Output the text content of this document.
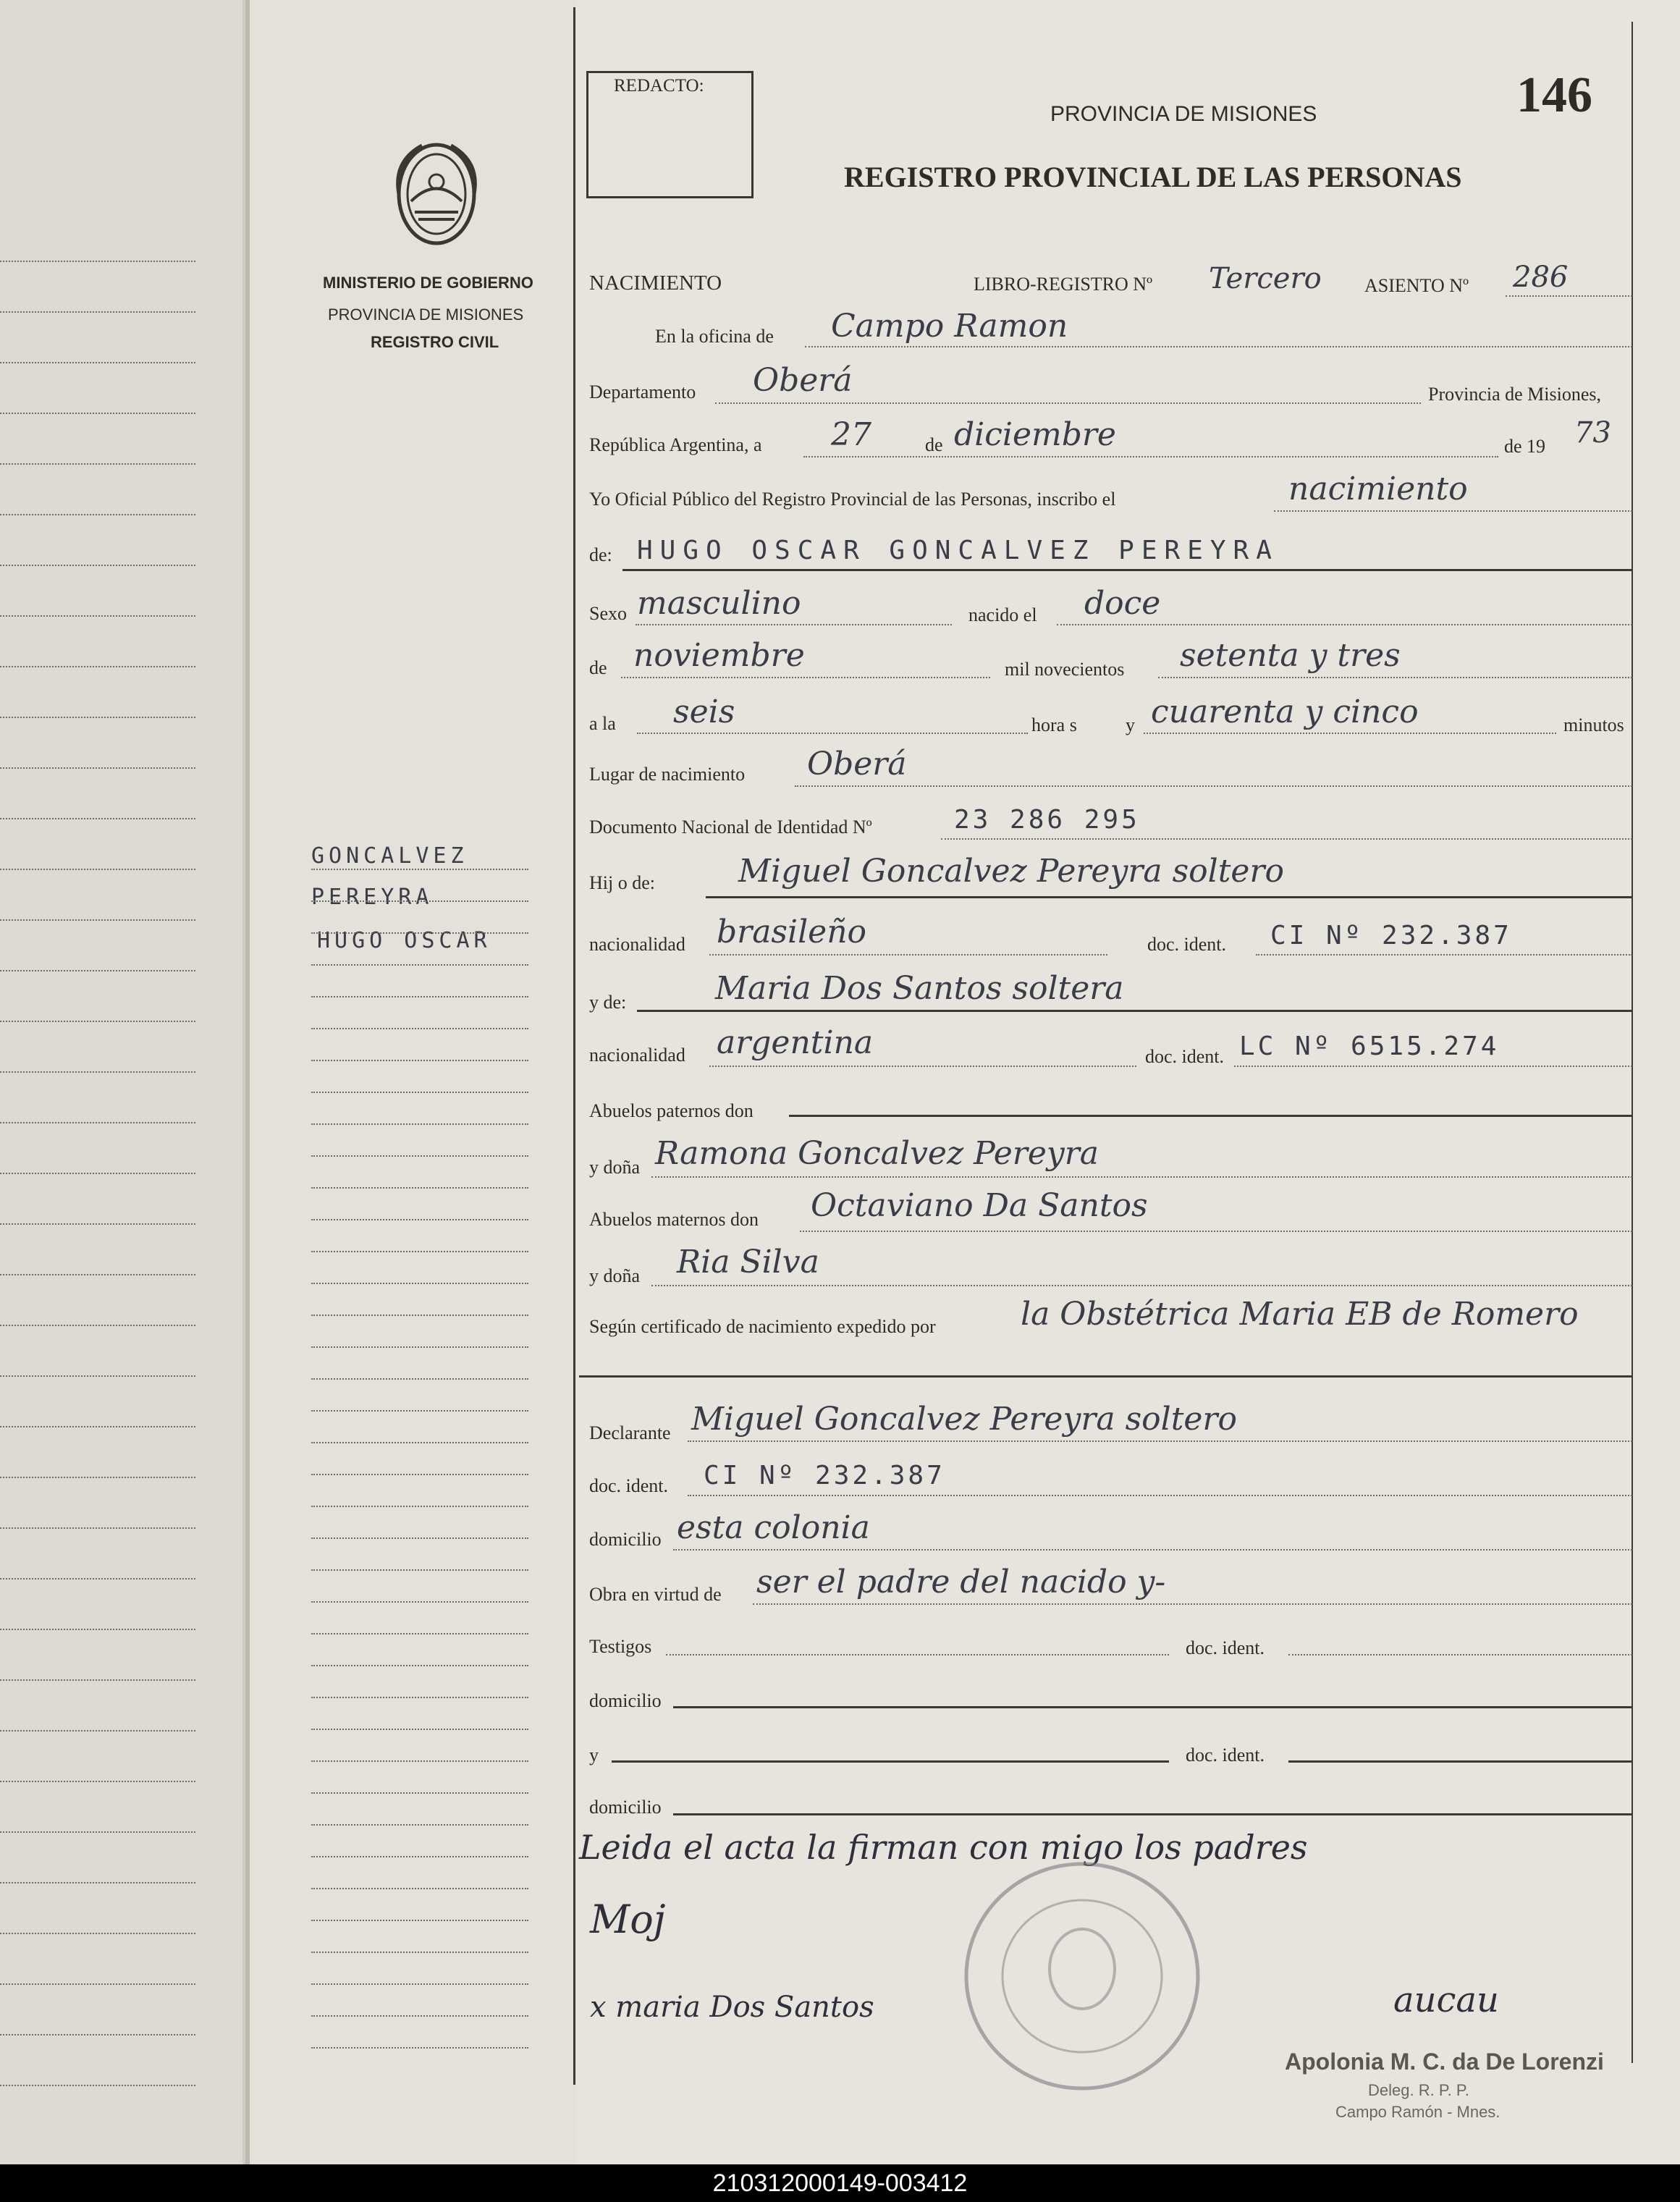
MINISTERIO DE GOBIERNO
PROVINCIA DE MISIONES
REGISTRO CIVIL
GONCALVEZ
PEREYRA
HUGO OSCAR
REDACTO:
PROVINCIA DE MISIONES	146
REGISTRO PROVINCIAL DE LAS PERSONAS
NACIMIENTO	LIBRO-REGISTRO Nº Tercero ASIENTO Nº 286
En la oficina de Campo Ramon
Departamento Oberá	Provincia de Misiones,
República Argentina, a 27	de diciembre	de 19 73
Yo Oficial Público del Registro Provincial de las Personas, inscribo el	nacimiento
de: HUGO OSCAR GONCALVEZ PEREYRA
Sexo masculino	nacido el doce
de noviembre	mil novecientos setenta y tres
a la seis	hora s	y cuarenta y cinco	minutos
Lugar de nacimiento Oberá
Documento Nacional de Identidad Nº	23 286 295
Hij o de:	Miguel Goncalvez Pereyra soltero
nacionalidad brasileño	doc. ident. CI Nº 232.387
y de:	Maria Dos Santos soltera
nacionalidad argentina	doc. ident. LC Nº 6515.274
Abuelos paternos don
y doña Ramona Goncalvez Pereyra
Abuelos maternos don Octaviano Da Santos
y doña Ria Silva
Según certificado de nacimiento expedido por	la Obstétrica Maria EB de Romero
Declarante Miguel Goncalvez Pereyra soltero
doc. ident. CI Nº 232.387
domicilio esta colonia
Obra en virtud de ser el padre del nacido y-
Testigos	doc. ident.
domicilio
y	doc. ident.
domicilio
Leida el acta la firman con migo los padres
Moj
x maria Dos Santos	aucau
Apolonia M. C. da De Lorenzi
Deleg. R. P. P.
Campo Ramón - Mnes.
210312000149-003412
